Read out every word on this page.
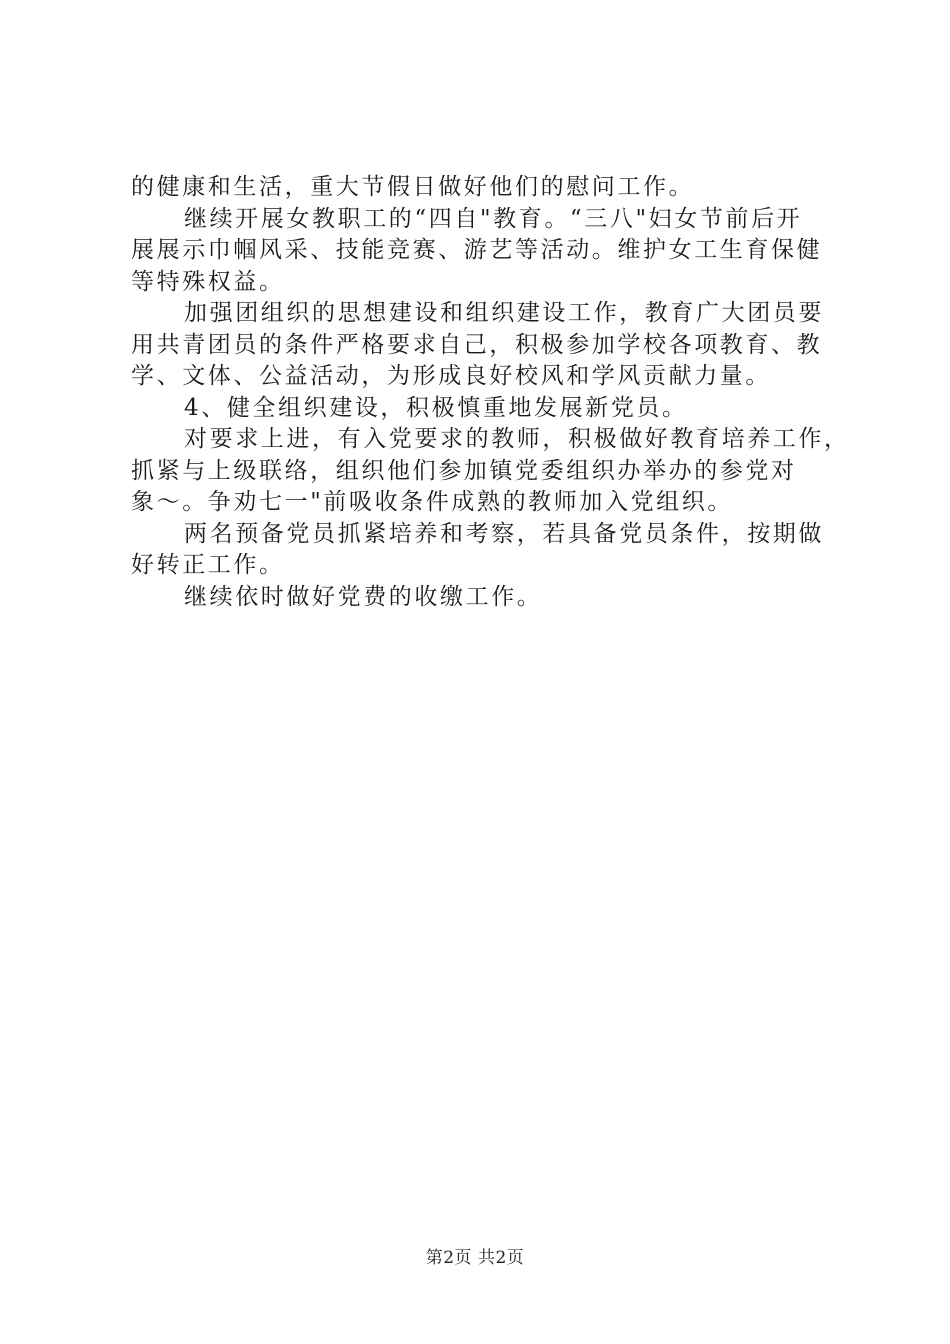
的健康和生活，重大节假日做好他们的慰问工作。
继续开展女教职工的“四自"教育。“三八"妇女节前后开
展展示巾帼风采、技能竞赛、游艺等活动。维护女工生育保健
等特殊权益。
加强团组织的思想建设和组织建设工作，教育广大团员要
用共青团员的条件严格要求自己，积极参加学校各项教育、教
学、文体、公益活动，为形成良好校风和学风贡献力量。
4、健全组织建设，积极慎重地发展新党员。
对要求上进，有入党要求的教师，积极做好教育培养工作，
抓紧与上级联络，组织他们参加镇党委组织办举办的参党对
象～。争劝七一"前吸收条件成熟的教师加入党组织。
两名预备党员抓紧培养和考察，若具备党员条件，按期做
好转正工作。
继续依时做好党费的收缴工作。
第2页 共2页
